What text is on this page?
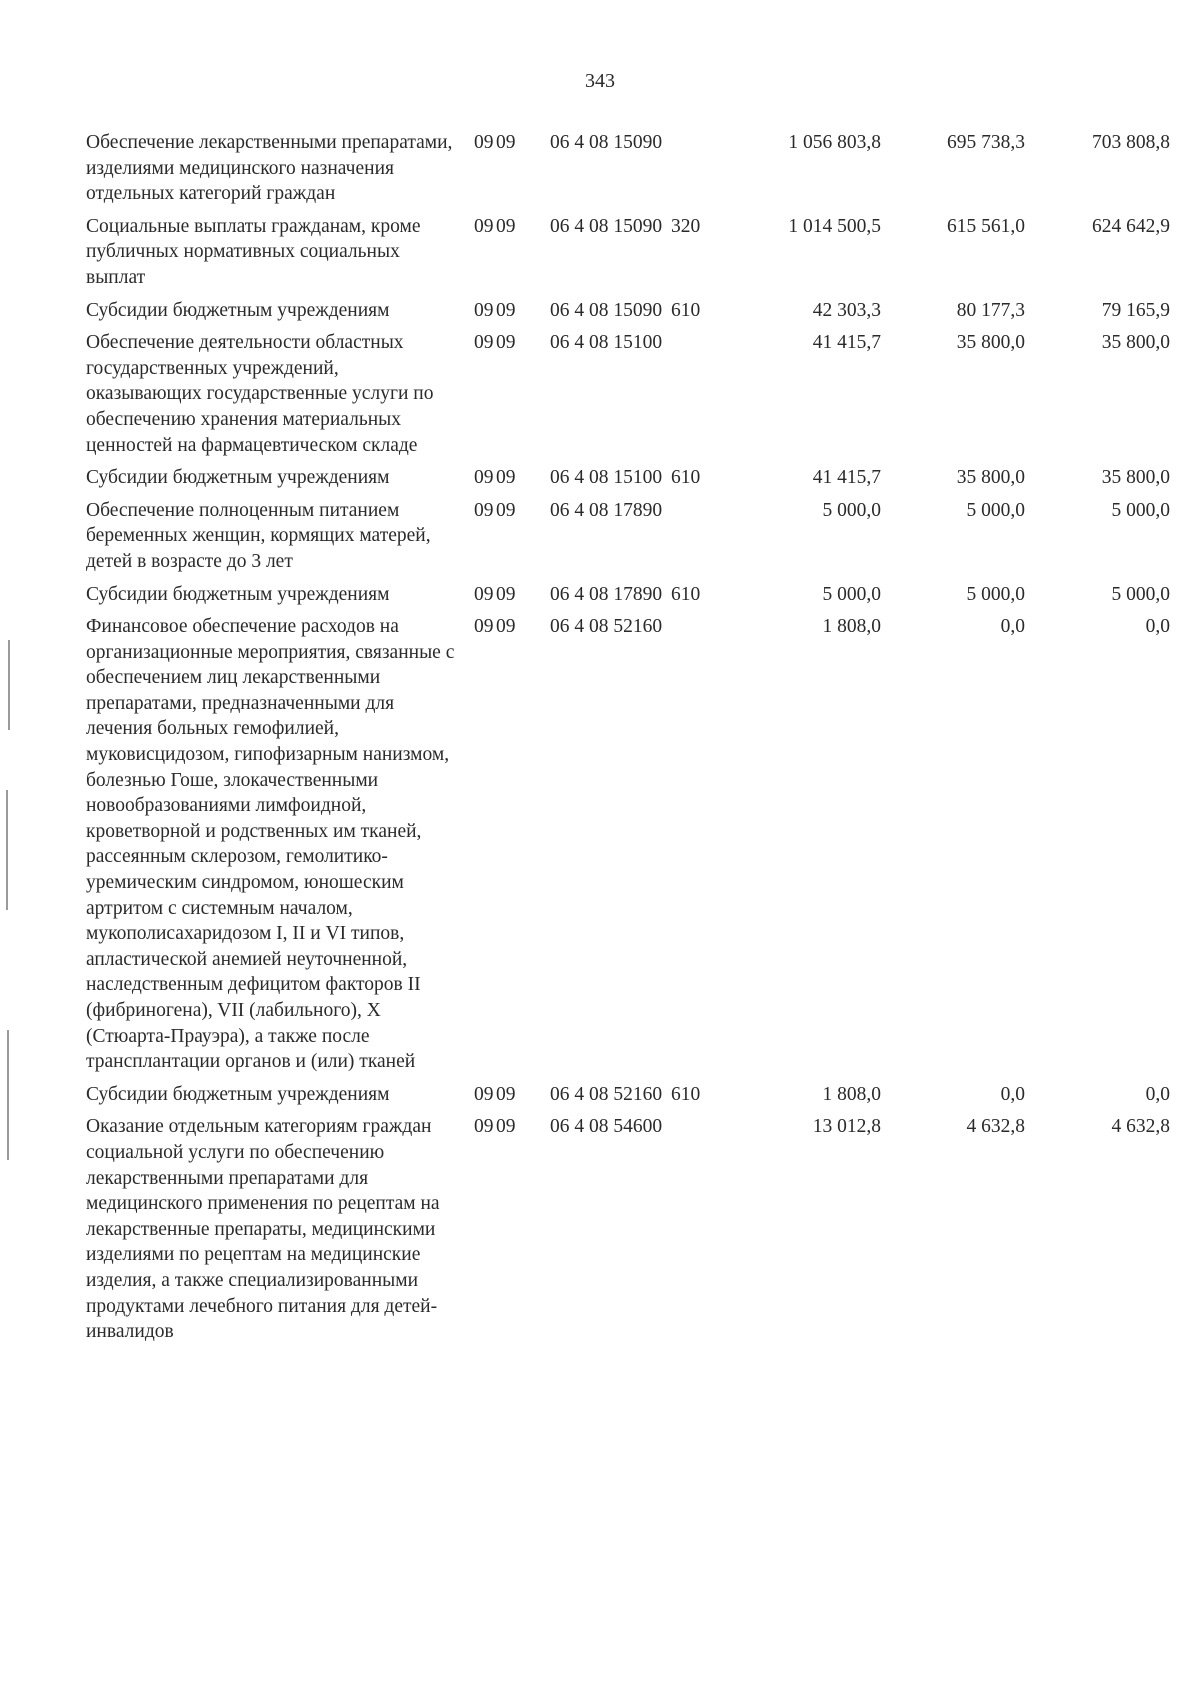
343
Обеспечение лекарственными препаратами, изделиями медицинского назначения отдельных категорий граждан	09	09	06 4 08 15090		1 056 803,8	695 738,3	703 808,8
Социальные выплаты гражданам, кроме публичных нормативных социальных выплат	09	09	06 4 08 15090	320	1 014 500,5	615 561,0	624 642,9
Субсидии бюджетным учреждениям	09	09	06 4 08 15090	610	42 303,3	80 177,3	79 165,9
Обеспечение деятельности областных государственных учреждений, оказывающих государственные услуги по обеспечению хранения материальных ценностей на фармацевтическом складе	09	09	06 4 08 15100		41 415,7	35 800,0	35 800,0
Субсидии бюджетным учреждениям	09	09	06 4 08 15100	610	41 415,7	35 800,0	35 800,0
Обеспечение полноценным питанием беременных женщин, кормящих матерей, детей в возрасте до 3 лет	09	09	06 4 08 17890		5 000,0	5 000,0	5 000,0
Субсидии бюджетным учреждениям	09	09	06 4 08 17890	610	5 000,0	5 000,0	5 000,0
Финансовое обеспечение расходов на организационные мероприятия, связанные с обеспечением лиц лекарственными препаратами, предназначенными для лечения больных гемофилией, муковисцидозом, гипофизарным нанизмом, болезнью Гоше, злокачественными новообразованиями лимфоидной, кроветворной и родственных им тканей, рассеянным склерозом, гемолитико-уремическим синдромом, юношеским артритом с системным началом, мукополисахаридозом I, II и VI типов, апластической анемией неуточненной, наследственным дефицитом факторов II (фибриногена), VII (лабильного), X (Стюарта-Прауэра), а также после трансплантации органов и (или) тканей	09	09	06 4 08 52160		1 808,0	0,0	0,0
Субсидии бюджетным учреждениям	09	09	06 4 08 52160	610	1 808,0	0,0	0,0
Оказание отдельным категориям граждан социальной услуги по обеспечению лекарственными препаратами для медицинского применения по рецептам на лекарственные препараты, медицинскими изделиями по рецептам на медицинские изделия, а также специализированными продуктами лечебного питания для детей-инвалидов	09	09	06 4 08 54600		13 012,8	4 632,8	4 632,8
